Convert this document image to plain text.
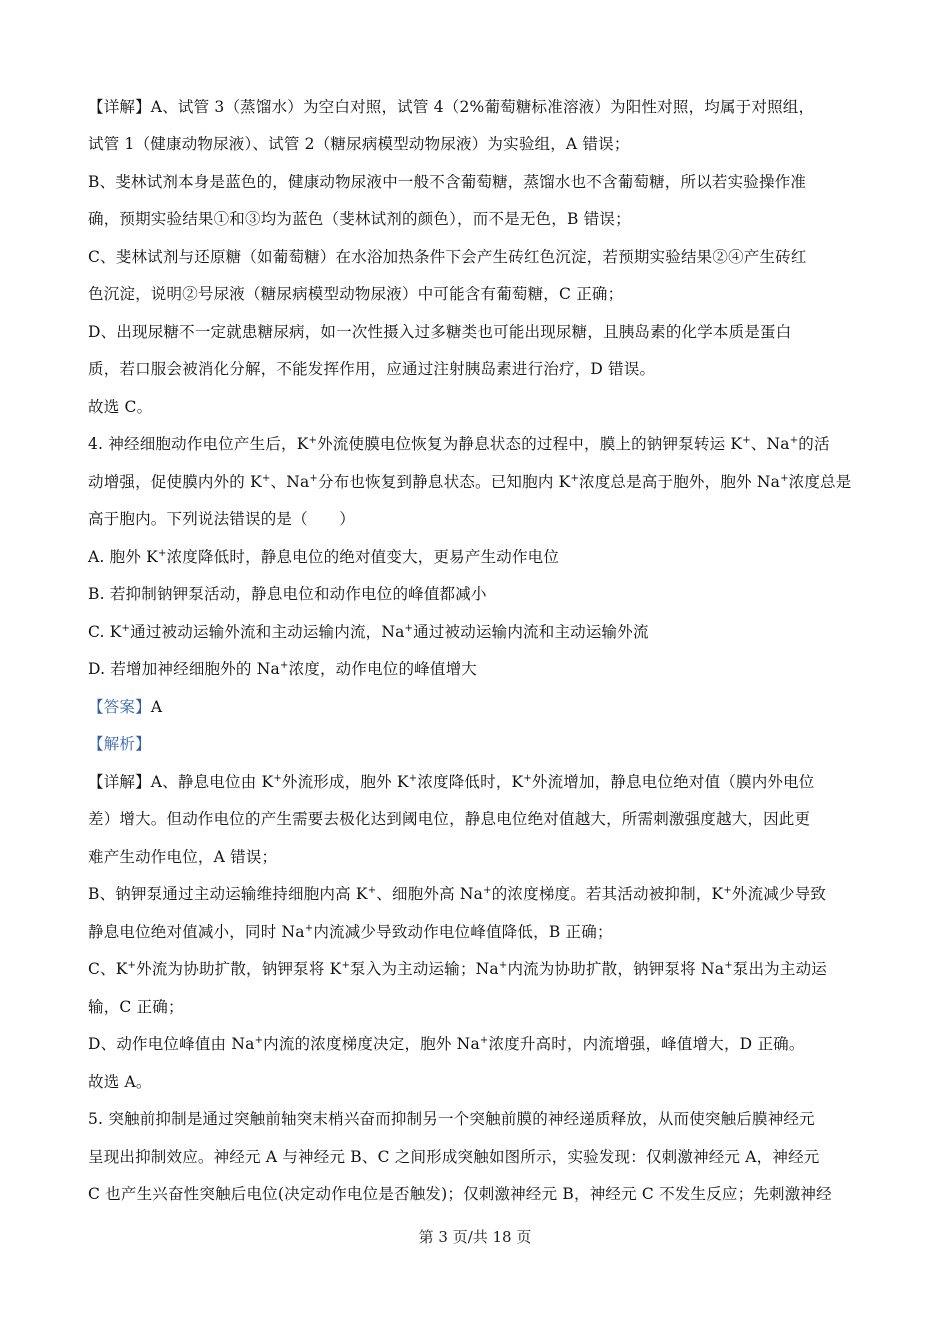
【详解】A、试管 3（蒸馏水）为空白对照，试管 4（2%葡萄糖标准溶液）为阳性对照，均属于对照组，
试管 1（健康动物尿液）、试管 2（糖尿病模型动物尿液）为实验组，A 错误；
B、斐林试剂本身是蓝色的，健康动物尿液中一般不含葡萄糖，蒸馏水也不含葡萄糖，所以若实验操作准
确，预期实验结果①和③均为蓝色（斐林试剂的颜色），而不是无色，B 错误；
C、斐林试剂与还原糖（如葡萄糖）在水浴加热条件下会产生砖红色沉淀，若预期实验结果②④产生砖红
色沉淀，说明②号尿液（糖尿病模型动物尿液）中可能含有葡萄糖，C 正确；
D、出现尿糖不一定就患糖尿病，如一次性摄入过多糖类也可能出现尿糖，且胰岛素的化学本质是蛋白
质，若口服会被消化分解，不能发挥作用，应通过注射胰岛素进行治疗，D 错误。
故选 C。
4. 神经细胞动作电位产生后，K+外流使膜电位恢复为静息状态的过程中，膜上的钠钾泵转运 K+、Na+的活
动增强，促使膜内外的 K+、Na+分布也恢复到静息状态。已知胞内 K+浓度总是高于胞外，胞外 Na+浓度总是
高于胞内。下列说法错误的是（　　）
A. 胞外 K+浓度降低时，静息电位的绝对值变大，更易产生动作电位
B. 若抑制钠钾泵活动，静息电位和动作电位的峰值都减小
C. K+通过被动运输外流和主动运输内流，Na+通过被动运输内流和主动运输外流
D. 若增加神经细胞外的 Na+浓度，动作电位的峰值增大
【答案】A
【解析】
【详解】A、静息电位由 K+外流形成，胞外 K+浓度降低时，K+外流增加，静息电位绝对值（膜内外电位
差）增大。但动作电位的产生需要去极化达到阈电位，静息电位绝对值越大，所需刺激强度越大，因此更
难产生动作电位，A 错误；
B、钠钾泵通过主动运输维持细胞内高 K+、细胞外高 Na+的浓度梯度。若其活动被抑制，K+外流减少导致
静息电位绝对值减小，同时 Na+内流减少导致动作电位峰值降低，B 正确；
C、K+外流为协助扩散，钠钾泵将 K+泵入为主动运输；Na+内流为协助扩散，钠钾泵将 Na+泵出为主动运
输，C 正确；
D、动作电位峰值由 Na+内流的浓度梯度决定，胞外 Na+浓度升高时，内流增强，峰值增大，D 正确。
故选 A。
5. 突触前抑制是通过突触前轴突末梢兴奋而抑制另一个突触前膜的神经递质释放，从而使突触后膜神经元
呈现出抑制效应。神经元 A 与神经元 B、C 之间形成突触如图所示，实验发现：仅刺激神经元 A，神经元
C 也产生兴奋性突触后电位(决定动作电位是否触发)；仅刺激神经元 B，神经元 C 不发生反应；先刺激神经
第 3 页/共 18 页
